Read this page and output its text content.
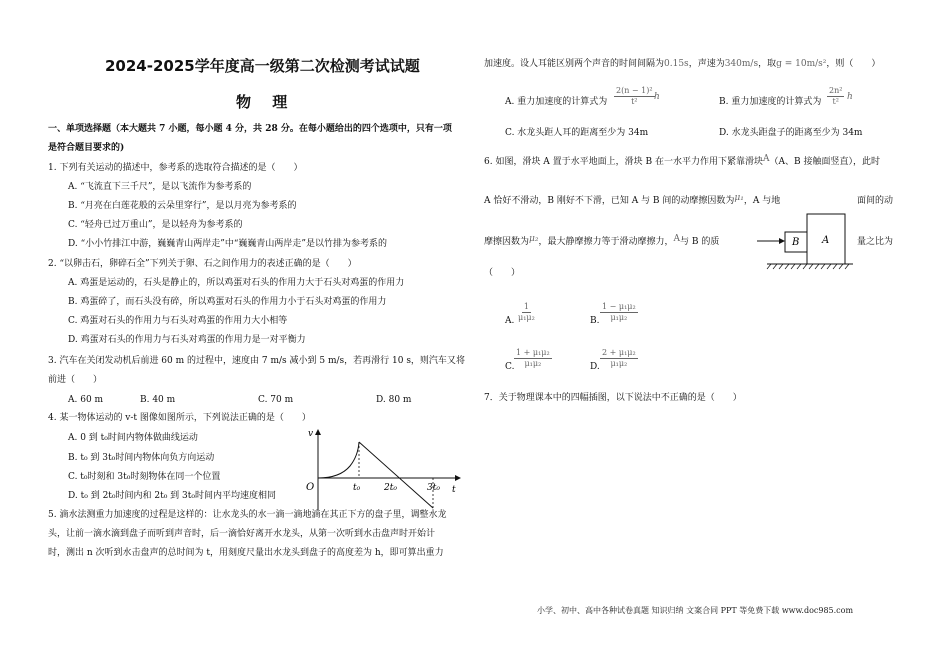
2024-2025学年度高一级第二次检测考试试题
物 理
一、单项选择题（本大题共 7 小题，每小题 4 分，共 28 分。在每小题给出的四个选项中，只有一项
是符合题目要求的)
1. 下列有关运动的描述中，参考系的选取符合描述的是（　　）
A. “飞流直下三千尺”，是以飞流作为参考系的
B. “月亮在白莲花般的云朵里穿行”，是以月亮为参考系的
C. “轻舟已过万重山”，是以轻舟为参考系的
D. “小小竹排江中游，巍巍青山两岸走”中“巍巍青山两岸走”是以竹排为参考系的
2. “以卵击石，卵碎石全”下列关于卵、石之间作用力的表述正确的是（　　）
A. 鸡蛋是运动的，石头是静止的，所以鸡蛋对石头的作用力大于石头对鸡蛋的作用力
B. 鸡蛋碎了，而石头没有碎，所以鸡蛋对石头的作用力小于石头对鸡蛋的作用力
C. 鸡蛋对石头的作用力与石头对鸡蛋的作用力大小相等
D. 鸡蛋对石头的作用力与石头对鸡蛋的作用力是一对平衡力
3. 汽车在关闭发动机后前进 60 m 的过程中，速度由 7 m/s 减小到 5 m/s，若再滑行 10 s，则汽车又将
前进（　　）
A. 60 m	B. 40 m	C. 70 m	D. 80 m
4. 某一物体运动的 v-t 图像如图所示，下列说法正确的是（　　）
A. 0 到 t₀时间内物体做曲线运动
B. t₀ 到 3t₀时间内物体向负方向运动
C. t₀时刻和 3t₀时刻物体在同一个位置
D. t₀ 到 2t₀时间内和 2t₀ 到 3t₀时间内平均速度相同
v
t
O	t₀	2t₀	3t₀
5. 滴水法测重力加速度的过程是这样的：让水龙头的水一滴一滴地滴在其正下方的盘子里，调整水龙
头，让前一滴水滴到盘子而听到声音时，后一滴恰好离开水龙头，从第一次听到水击盘声时开始计
时，测出 n 次听到水击盘声的总时间为 t，用刻度尺量出水龙头到盘子的高度差为 h，即可算出重力
加速度。设人耳能区别两个声音的时间间隔为0.15s，声速为340m/s，取g = 10m/s²，则（　　）
A. 重力加速度的计算式为 $\frac{\text{2(n − 1)²}}{\text{t²}}$ h	B. 重力加速度的计算式为 $\frac{\text{2n²}}{\text{t²}}$ h
C. 水龙头距人耳的距离至少为 34m	D. 水龙头距盘子的距离至少为 34m
6. 如图，滑块 A 置于水平地面上，滑块 B 在一水平力作用下紧靠滑块A（A、B 接触面竖直），此时
A 恰好不滑动，B 刚好不下滑，已知 A 与 B 间的动摩擦因数为μ₁，A 与地	面间的动
摩擦因数为μ₂，最大静摩擦力等于滑动摩擦力，A与 B 的质	量之比为
（　　）
B A
A. $\frac{1}{\text{μ₁μ₂}}$	B. $\frac{\text{1 − μ₁μ₂}}{\text{μ₁μ₂}}$
C. $\frac{\text{1 + μ₁μ₂}}{\text{μ₁μ₂}}$	D. $\frac{\text{2 + μ₁μ₂}}{\text{μ₁μ₂}}$
7．关于物理课本中的四幅插图，以下说法中不正确的是（　　）
小学、初中、高中各种试卷真题 知识归纳 文案合同 PPT 等免费下载 www.doc985.com
